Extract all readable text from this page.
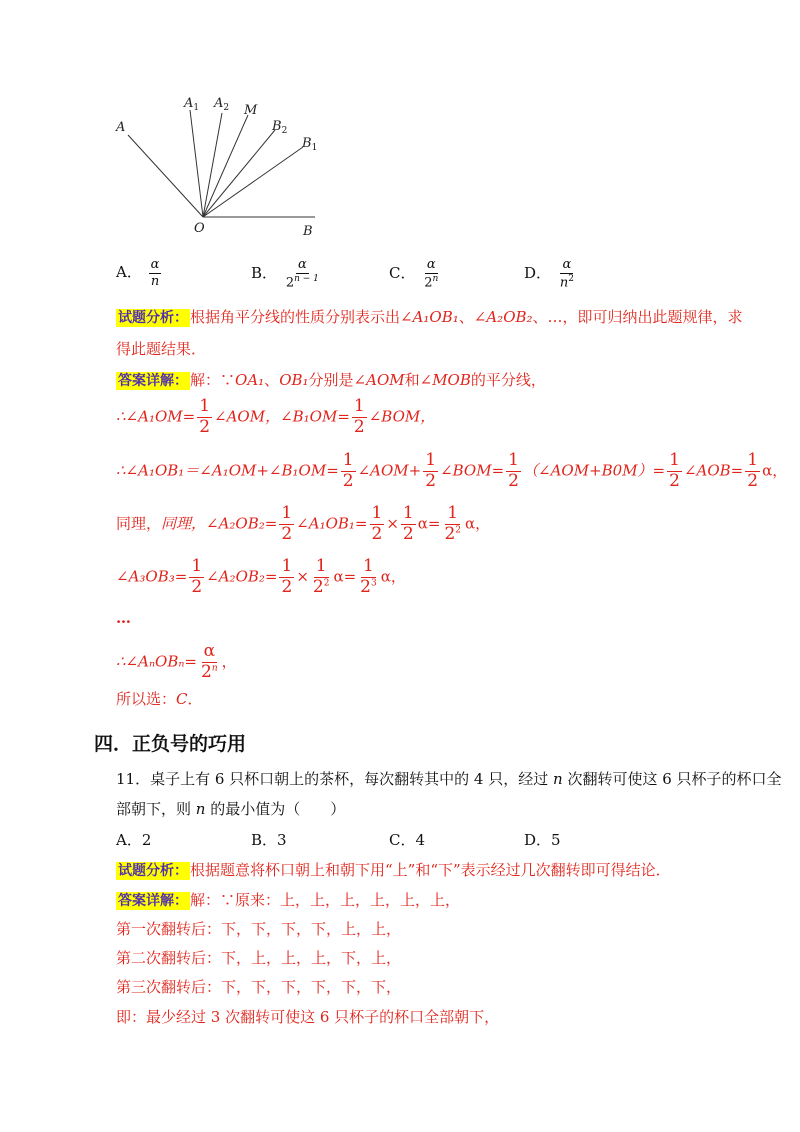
A
$A_1$ $A_2$ M
$B_2$
$B_1$
O	B
A． $\frac{\alpha}{n}$	B． $\frac{\alpha}{2^{n - 1}}$	C． $\frac{\alpha}{2^n}$	D． $\frac{\alpha}{n^2}$
试题分析： 根据角平分线的性质分别表示出∠A₁OB₁、∠A₂OB₂、…，即可归纳出此题规律，求
得此题结果．
答案详解： 解：∵OA₁、OB₁分别是∠AOM和∠MOB的平分线，
∴∠A₁OM= $\frac{1}{2}$ ∠AOM，∠B₁OM= $\frac{1}{2}$ ∠BOM，
∴∠A₁OB₁＝∠A₁OM+∠B₁OM= $\frac{1}{2}$ ∠AOM+ $\frac{1}{2}$ ∠BOM= $\frac{1}{2}$ （∠AOM+B0M）= $\frac{1}{2}$ ∠AOB= $\frac{1}{2}$ α，
同理，同理，∠A₂OB₂= $\frac{1}{2}$ ∠A₁OB₁= $\frac{1}{2} \times \frac{1}{2} \alpha= \frac{1}{2^2}$ α，
∠A₃OB₃= $\frac{1}{2}$ ∠A₂OB₂= $\frac{1}{2} \times \frac{1}{2^2} \alpha= \frac{1}{2^3}$ α，
…
∴∠AₙOBₙ= $\frac{\alpha}{2^n}$ ，
所以选：C．
四．正负号的巧用
11．桌子上有 6 只杯口朝上的茶杯，每次翻转其中的 4 只，经过 n 次翻转可使这 6 只杯子的杯口全
部朝下，则 n 的最小值为（　　）
A．2	B．3	C．4	D．5
试题分析： 根据题意将杯口朝上和朝下用“上”和“下”表示经过几次翻转即可得结论．
答案详解： 解：∵原来：上，上，上，上，上，上，
第一次翻转后：下，下，下，下，上，上，
第二次翻转后：下，上，上，上，下，上，
第三次翻转后：下，下，下，下，下，下，
即：最少经过 3 次翻转可使这 6 只杯子的杯口全部朝下，
